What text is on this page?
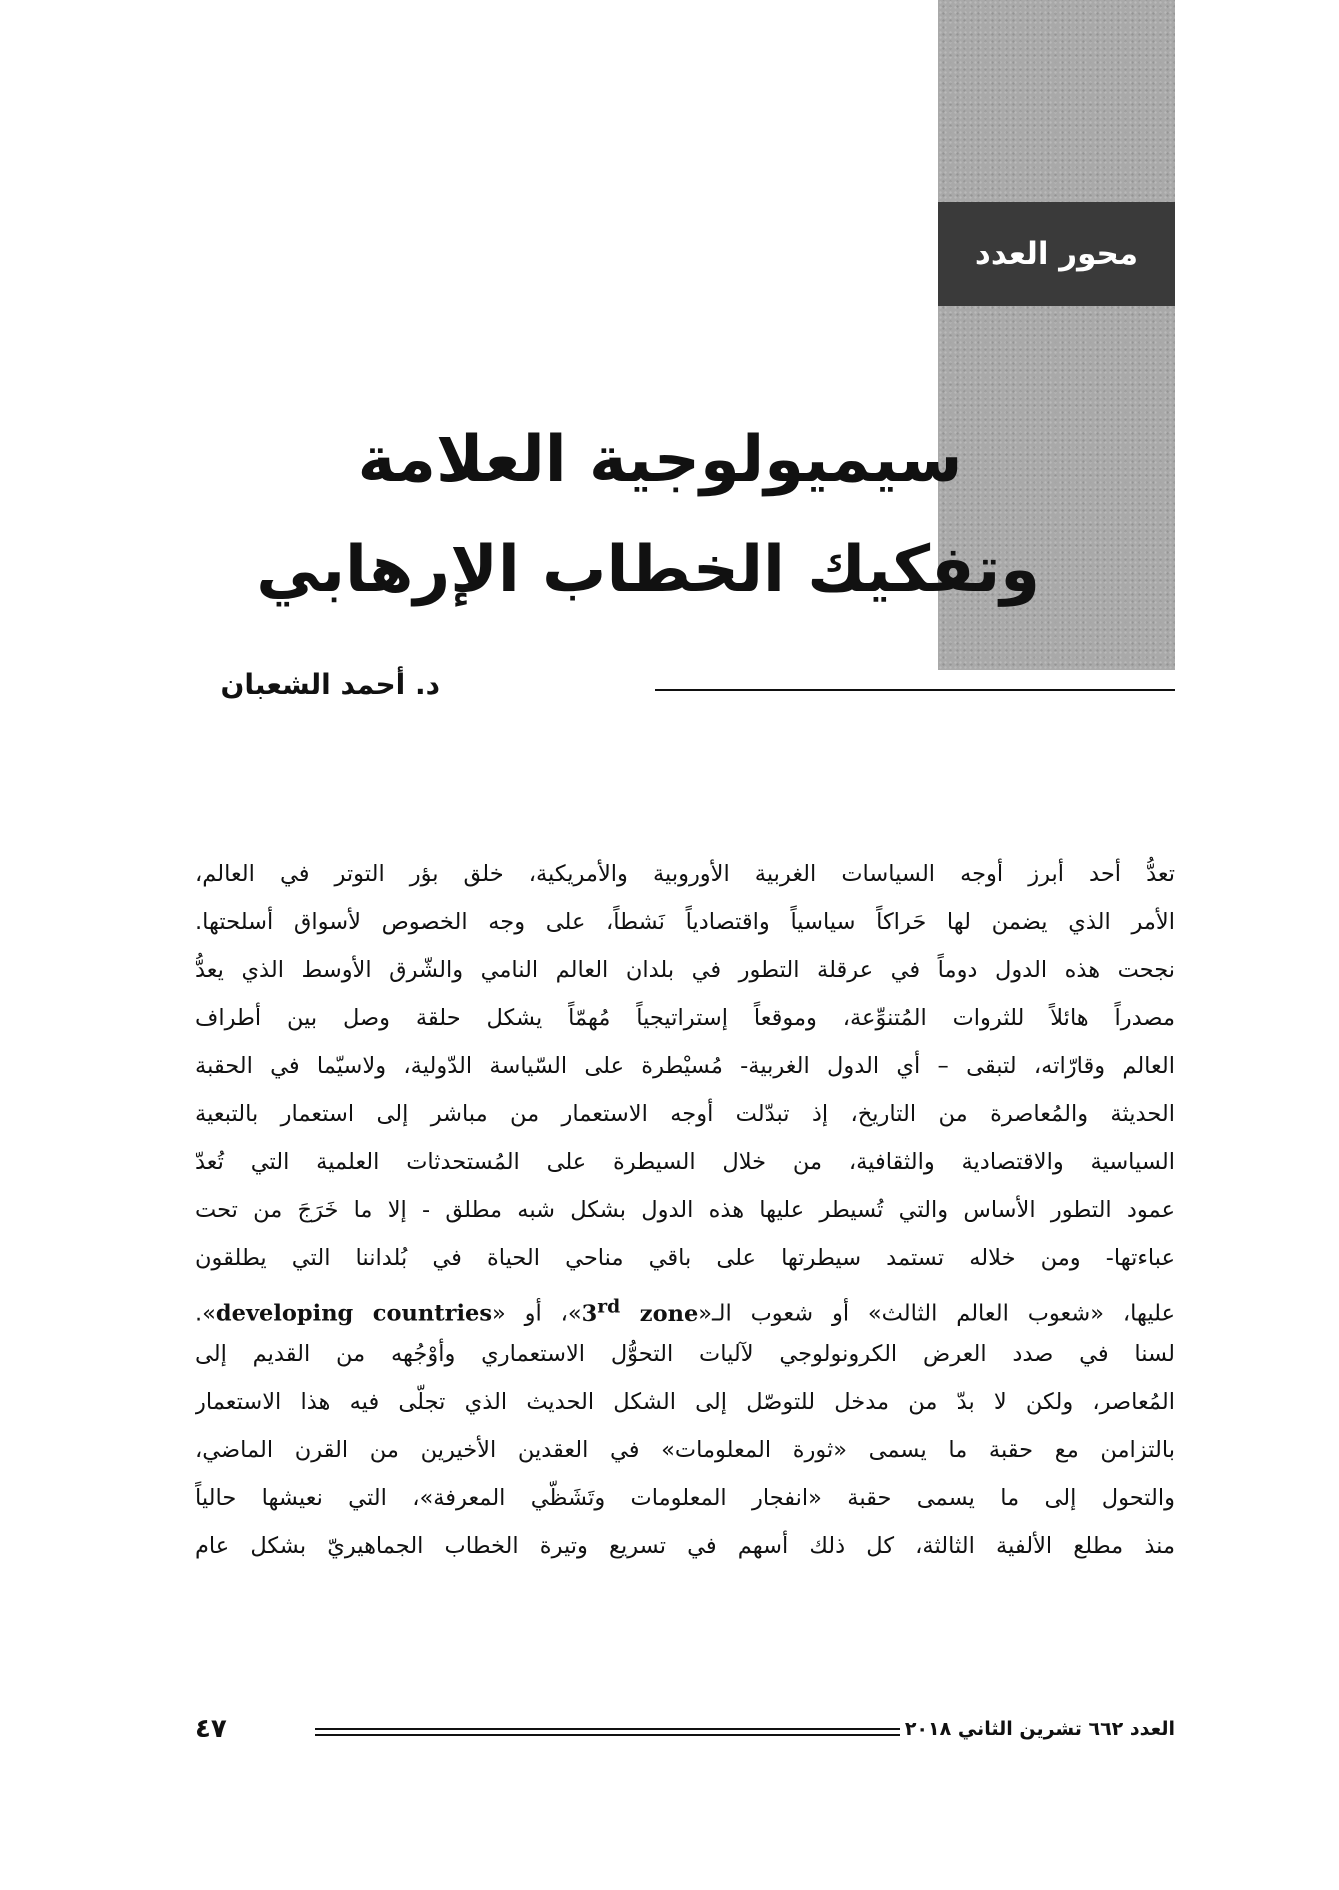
محور العدد
سيميولوجية العلامة
وتفكيك الخطاب الإرهابي
د. أحمد الشعبان
تعدُّ أحد أبرز أوجه السياسات الغربية الأوروبية والأمريكية، خلق بؤر التوتر في العالم،
الأمر الذي يضمن لها حَراكاً سياسياً واقتصادياً نَشطاً، على وجه الخصوص لأسواق أسلحتها.
نجحت هذه الدول دوماً في عرقلة التطور في بلدان العالم النامي والشّرق الأوسط الذي يعدُّ
مصدراً هائلاً للثروات المُتنوِّعة، وموقعاً إستراتيجياً مُهمّاً يشكل حلقة وصل بين أطراف
العالم وقارّاته، لتبقى – أي الدول الغربية- مُسيْطرة على السّياسة الدّولية، ولاسيّما في الحقبة
الحديثة والمُعاصرة من التاريخ، إذ تبدّلت أوجه الاستعمار من مباشر إلى استعمار بالتبعية
السياسية والاقتصادية والثقافية، من خلال السيطرة على المُستحدثات العلمية التي تُعدّ
عمود التطور الأساس والتي تُسيطر عليها هذه الدول بشكل شبه مطلق - إلا ما خَرَجَ من تحت
عباءتها- ومن خلاله تستمد سيطرتها على باقي مناحي الحياة في بُلداننا التي يطلقون
عليها، «شعوب العالم الثالث» أو شعوب الـ«3rd zone»، أو «developing countries».
لسنا في صدد العرض الكرونولوجي لآليات التحوُّل الاستعماري وأوْجُهه من القديم إلى
المُعاصر، ولكن لا بدّ من مدخل للتوصّل إلى الشكل الحديث الذي تجلّى فيه هذا الاستعمار
بالتزامن مع حقبة ما يسمى «ثورة المعلومات» في العقدين الأخيرين من القرن الماضي،
والتحول إلى ما يسمى حقبة «انفجار المعلومات وتَشَظّي المعرفة»، التي نعيشها حالياً
منذ مطلع الألفية الثالثة، كل ذلك أسهم في تسريع وتيرة الخطاب الجماهيريّ بشكل عام
العدد ٦٦٢ تشرين الثاني ٢٠١٨
٤٧
